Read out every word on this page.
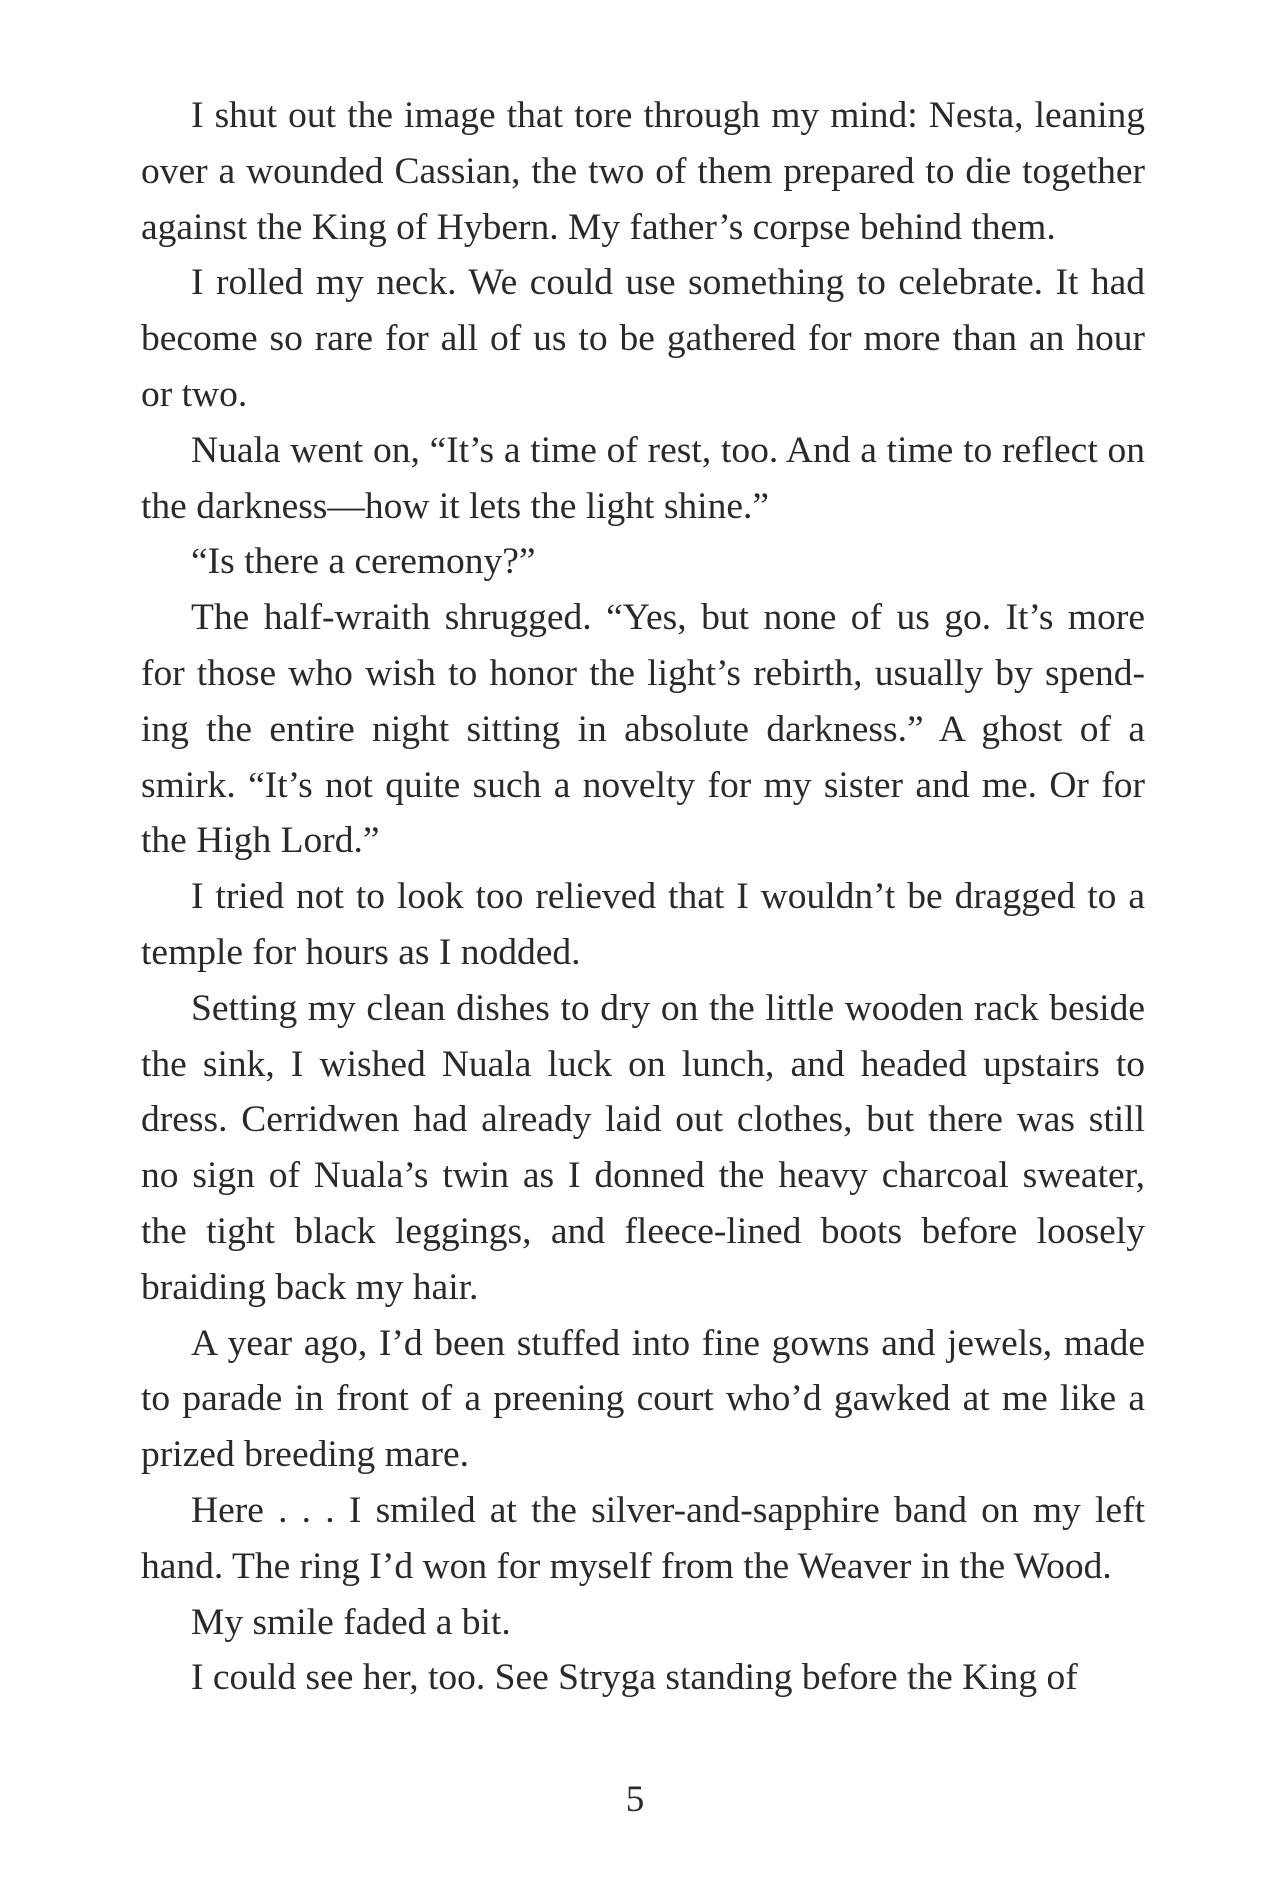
I shut out the image that tore through my mind: Nesta, leaning over a wounded Cassian, the two of them prepared to die together against the King of Hybern. My father’s corpse behind them.

I rolled my neck. We could use something to celebrate. It had become so rare for all of us to be gathered for more than an hour or two.

Nuala went on, “It’s a time of rest, too. And a time to reflect on the darkness—how it lets the light shine.”

“Is there a ceremony?”

The half-wraith shrugged. “Yes, but none of us go. It’s more for those who wish to honor the light’s rebirth, usually by spending the entire night sitting in absolute darkness.” A ghost of a smirk. “It’s not quite such a novelty for my sister and me. Or for the High Lord.”

I tried not to look too relieved that I wouldn’t be dragged to a temple for hours as I nodded.

Setting my clean dishes to dry on the little wooden rack beside the sink, I wished Nuala luck on lunch, and headed upstairs to dress. Cerridwen had already laid out clothes, but there was still no sign of Nuala’s twin as I donned the heavy charcoal sweater, the tight black leggings, and fleece-lined boots before loosely braiding back my hair.

A year ago, I’d been stuffed into fine gowns and jewels, made to parade in front of a preening court who’d gawked at me like a prized breeding mare.

Here . . . I smiled at the silver-and-sapphire band on my left hand. The ring I’d won for myself from the Weaver in the Wood.

My smile faded a bit.

I could see her, too. See Stryga standing before the King of

5
